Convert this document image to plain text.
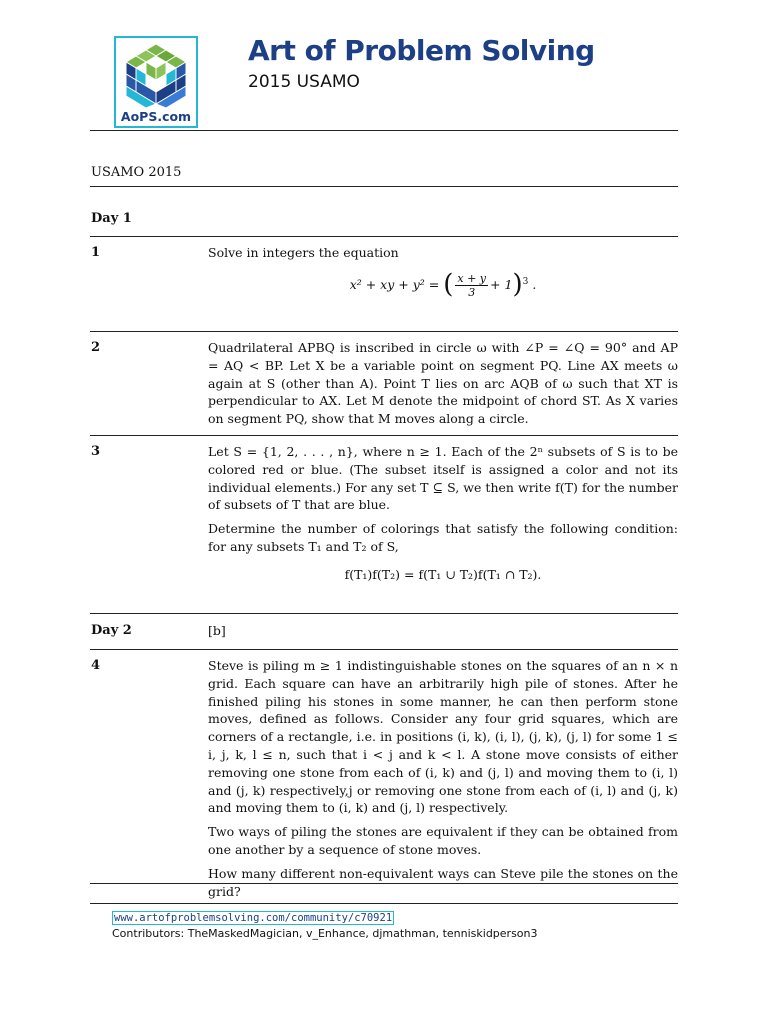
AoPS.com
Art of Problem Solving
2015 USAMO
USAMO 2015
Day 1
1	Solve in integers the equation

x² + xy + y² = ( $\frac{x + y}{3} + 1)^3$ .
2	Quadrilateral APBQ is inscribed in circle ω with ∠P = ∠Q = 90° and AP = AQ < BP. Let X be a variable point on segment PQ. Line AX meets ω again at S (other than A). Point T lies on arc AQB of ω such that XT is perpendicular to AX. Let M denote the midpoint of chord ST. As X varies on segment PQ, show that M moves along a circle.

3	Let S = {1, 2, . . . , n}, where n ≥ 1. Each of the 2ⁿ subsets of S is to be colored red or blue. (The subset itself is assigned a color and not its individual elements.) For any set T ⊆ S, we then write f(T) for the number of subsets of T that are blue.

Determine the number of colorings that satisfy the following condition: for any subsets T₁ and T₂ of S,

f(T₁)f(T₂) = f(T₁ ∪ T₂)f(T₁ ∩ T₂).
Day 2	[b]
4	Steve is piling m ≥ 1 indistinguishable stones on the squares of an n × n grid. Each square can have an arbitrarily high pile of stones. After he finished piling his stones in some manner, he can then perform stone moves, defined as follows. Consider any four grid squares, which are corners of a rectangle, i.e. in positions (i, k), (i, l), (j, k), (j, l) for some 1 ≤ i, j, k, l ≤ n, such that i < j and k < l. A stone move consists of either removing one stone from each of (i, k) and (j, l) and moving them to (i, l) and (j, k) respectively,j or removing one stone from each of (i, l) and (j, k) and moving them to (i, k) and (j, l) respectively.

Two ways of piling the stones are equivalent if they can be obtained from one another by a sequence of stone moves.

How many different non-equivalent ways can Steve pile the stones on the grid?

www.artofproblemsolving.com/community/c70921
Contributors: TheMaskedMagician, v_Enhance, djmathman, tenniskidperson3
